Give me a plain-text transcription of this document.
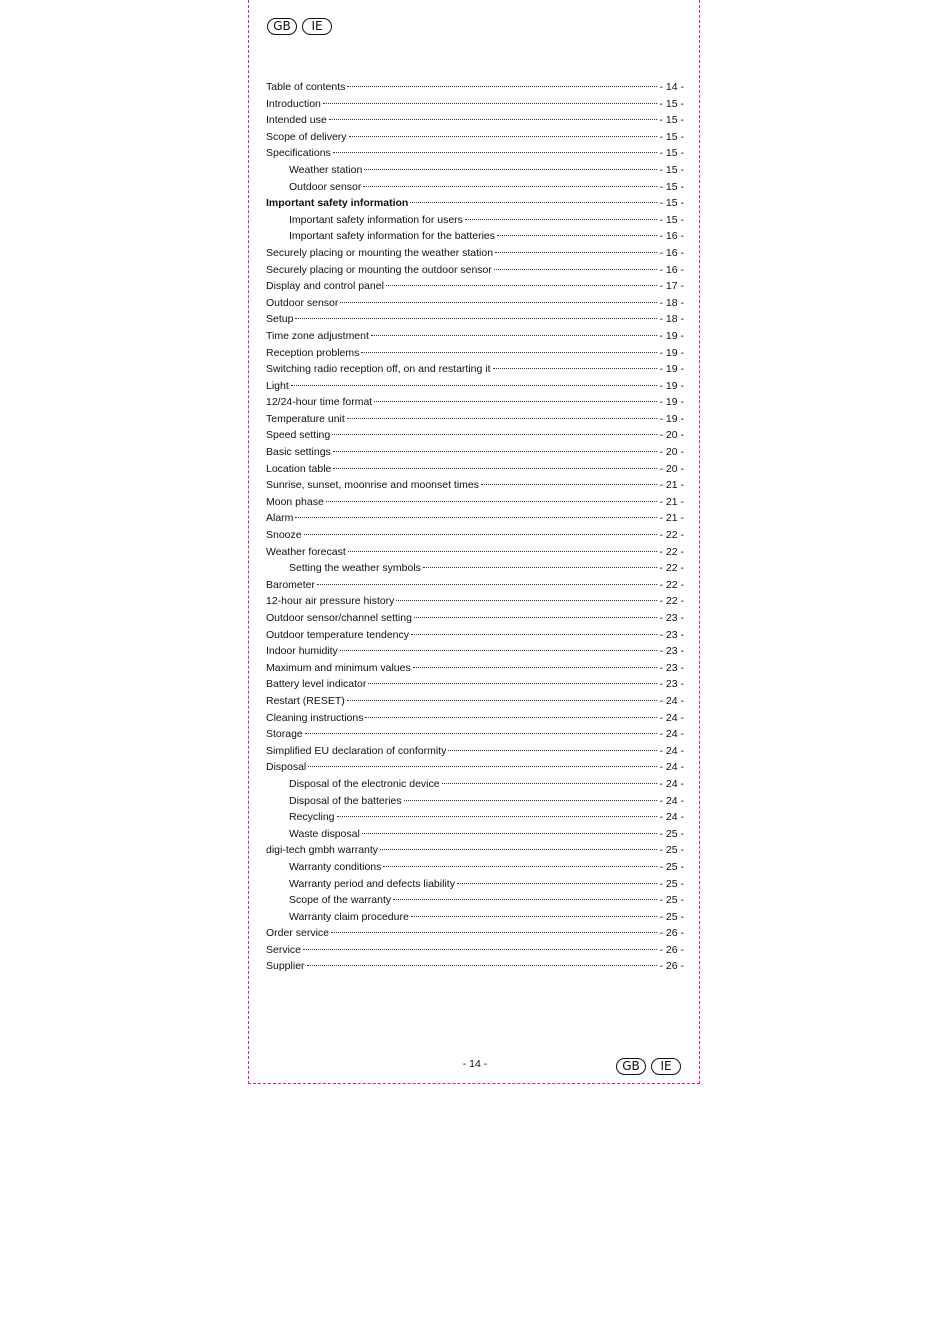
GB	IE
Table of contents	- 14 -
Introduction	- 15 -
Intended use	- 15 -
Scope of delivery	- 15 -
Specifications	- 15 -
Weather station	- 15 -
Outdoor sensor	- 15 -
Important safety information	- 15 -
Important safety information for users	- 15 -
Important safety information for the batteries	- 16 -
Securely placing or mounting the weather station	- 16 -
Securely placing or mounting the outdoor sensor	- 16 -
Display and control panel	- 17 -
Outdoor sensor	- 18 -
Setup	- 18 -
Time zone adjustment	- 19 -
Reception problems	- 19 -
Switching radio reception off, on and restarting it	- 19 -
Light	- 19 -
12/24-hour time format	- 19 -
Temperature unit	- 19 -
Speed setting	- 20 -
Basic settings	- 20 -
Location table	- 20 -
Sunrise, sunset, moonrise and moonset times	- 21 -
Moon phase	- 21 -
Alarm	- 21 -
Snooze	- 22 -
Weather forecast	- 22 -
Setting the weather symbols	- 22 -
Barometer	- 22 -
12-hour air pressure history	- 22 -
Outdoor sensor/channel setting	- 23 -
Outdoor temperature tendency	- 23 -
Indoor humidity	- 23 -
Maximum and minimum values	- 23 -
Battery level indicator	- 23 -
Restart (RESET)	- 24 -
Cleaning instructions	- 24 -
Storage	- 24 -
Simplified EU declaration of conformity	- 24 -
Disposal	- 24 -
Disposal of the electronic device	- 24 -
Disposal of the batteries	- 24 -
Recycling	- 24 -
Waste disposal	- 25 -
digi-tech gmbh warranty	- 25 -
Warranty conditions	- 25 -
Warranty period and defects liability	- 25 -
Scope of the warranty	- 25 -
Warranty claim procedure	- 25 -
Order service	- 26 -
Service	- 26 -
Supplier	- 26 -
- 14 -	GB	IE
